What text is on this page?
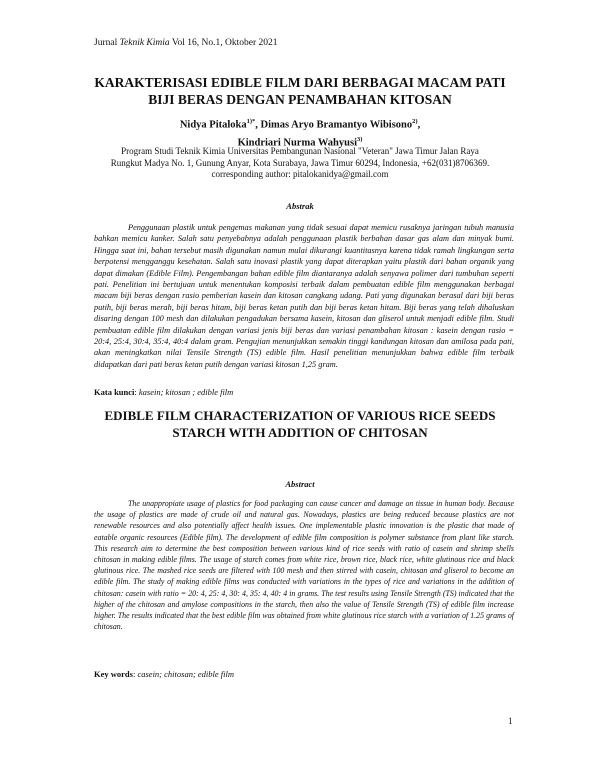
Jurnal Teknik Kimia Vol 16, No.1, Oktober 2021
KARAKTERISASI EDIBLE FILM DARI BERBAGAI MACAM PATI BIJI BERAS DENGAN PENAMBAHAN KITOSAN
Nidya Pitaloka$^{1)*}$, Dimas Aryo Bramantyo Wibisono$^{2)}$,
Kindriari Nurma Wahyusi$^{3)}$
Program Studi Teknik Kimia Universitas Pembangunan Nasional "Veteran" Jawa Timur Jalan Raya
Rungkut Madya No. 1, Gunung Anyar, Kota Surabaya, Jawa Timur 60294, Indonesia, +62(031)8706369.
corresponding author: pitalokanidya@gmail.com
Abstrak

Penggunaan plastik untuk pengemas makanan yang tidak sesuai dapat memicu rusaknya jaringan tubuh manusia bahkan memicu kanker. Salah satu penyebabnya adalah penggunaan plastik berbahan dasar gas alam dan minyak bumi. Hingga saat ini, bahan tersebut masih digunakan namun mulai dikurangi kuantitasnya karena tidak ramah lingkungan serta berpotensi mengganggu kesehatan. Salah satu inovasi plastik yang dapat diterapkan yaitu plastik dari bahan organik yang dapat dimakan (Edible Film). Pengembangan bahan edible film diantaranya adalah senyawa polimer dari tumbuhan seperti pati. Penelitian ini bertujuan untuk menentukan komposisi terbaik dalam pembuatan edible film menggunakan berbagai macam biji beras dengan rasio pemberian kasein dan kitosan cangkang udang. Pati yang digunakan berasal dari biji beras putih, biji beras merah, biji beras hitam, biji beras ketan putih dan biji beras ketan hitam. Biji beras yang telah dihaluskan disaring dengan 100 mesh dan dilakukan pengadukan bersama kasein, kitosan dan gliserol untuk menjadi edible film. Studi pembuatan edible film dilakukan dengan variasi jenis biji beras dan variasi penambahan kitosan : kasein dengan rasio = 20:4, 25:4, 30:4, 35:4, 40:4 dalam gram. Pengujian menunjukkan semakin tinggi kandungan kitosan dan amilosa pada pati, akan meningkatkan nilai Tensile Strength (TS) edible film. Hasil penelitian menunjukkan bahwa edible film terbaik didapatkan dari pati beras ketan putih dengan variasi kitosan 1,25 gram.

Kata kunci: kasein; kitosan ; edible film
EDIBLE FILM CHARACTERIZATION OF VARIOUS RICE SEEDS STARCH WITH ADDITION OF CHITOSAN
Abstract

The unappropiate usage of plastics for food packaging can cause cancer and damage on tissue in human body. Because the usage of plastics are made of crude oil and natural gas. Nowadays, plastics are being reduced because plastics are not renewable resources and also potentially affect health issues. One implementable plastic innovation is the plastic that made of eatable organic resources (Edible film). The development of edible film composition is polymer substance from plant like starch. This research aim to determine the best composition between various kind of rice seeds with ratio of casein and shrimp shells chitosan in making edible films. The usage of starch comes from white rice, brown rice, black rice, white glutinous rice and black glutinous rice. The mashed rice seeds are filtered with 100 mesh and then stirred with casein, chitosan and gliserol to become an edible film. The study of making edible films was conducted with variations in the types of rice and variations in the addition of chitosan: casein with ratio = 20: 4, 25: 4, 30: 4, 35: 4, 40: 4 in grams. The test results using Tensile Strength (TS) indicated that the higher of the chitosan and amylose compositions in the starch, then also the value of Tensile Strength (TS) of edible film increase higher. The results indicated that the best edible film was obtained from white glutinous rice starch with a variation of 1.25 grams of chitosan.

Key words: casein; chitosan; edible film
1
